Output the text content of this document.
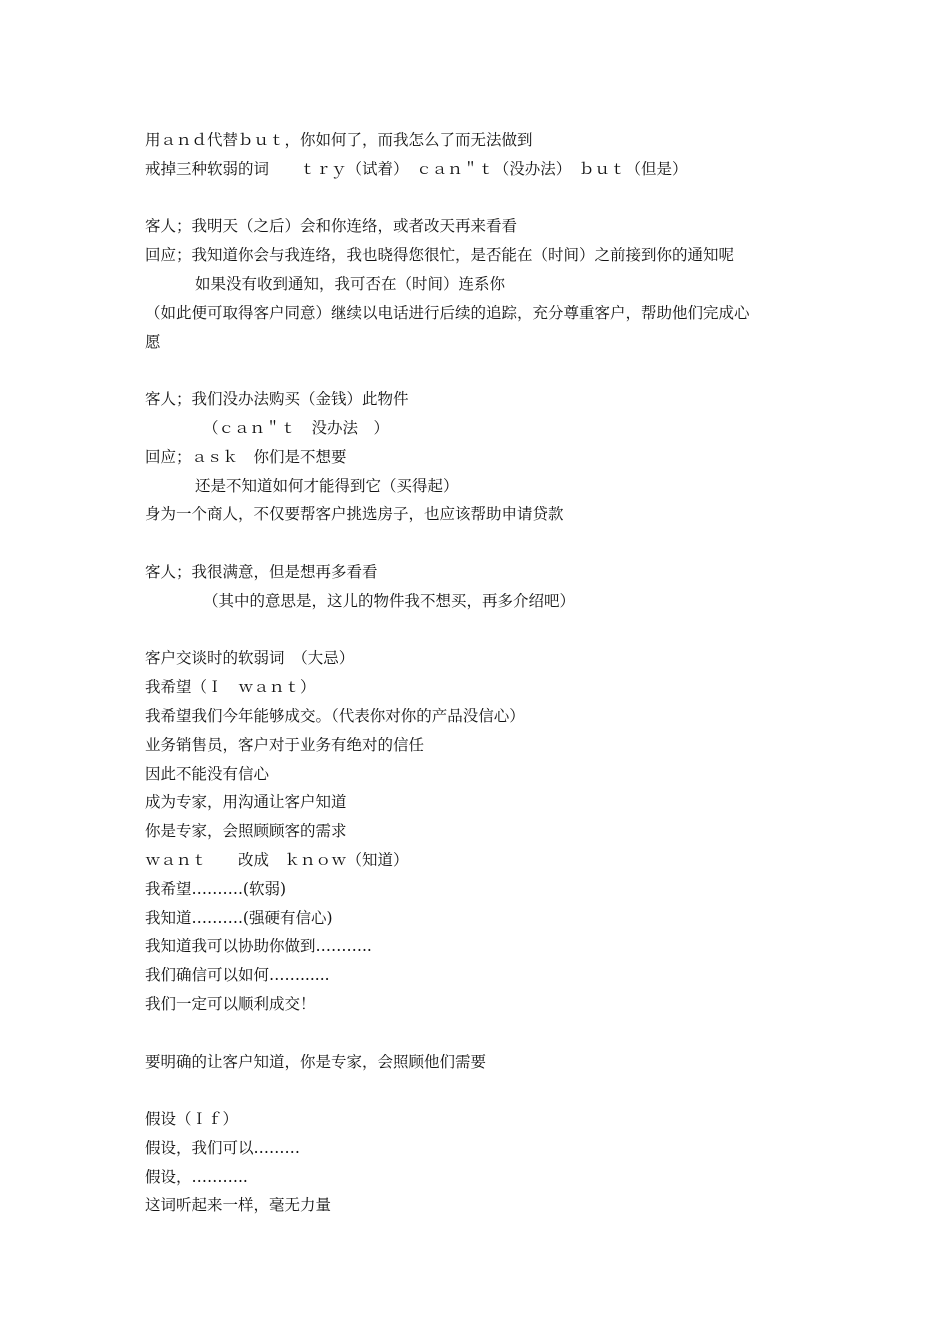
用ａｎｄ代替ｂｕｔ，你如何了，而我怎么了而无法做到
戒掉三种软弱的词　　ｔｒｙ（试着）　ｃａｎ＂ｔ（没办法）　ｂｕｔ（但是）
客人；我明天（之后）会和你连络，或者改天再来看看
回应；我知道你会与我连络，我也晓得您很忙，是否能在（时间）之前接到你的通知呢
如果没有收到通知，我可否在（时间）连系你
（如此便可取得客户同意）继续以电话进行后续的追踪，充分尊重客户，帮助他们完成心
愿
客人；我们没办法购买（金钱）此物件
（ｃａｎ＂ｔ　没办法　）
回应；ａｓｋ　你们是不想要
还是不知道如何才能得到它（买得起）
身为一个商人，不仅要帮客户挑选房子，也应该帮助申请贷款
客人；我很满意，但是想再多看看
（其中的意思是，这儿的物件我不想买，再多介绍吧）
客户交谈时的软弱词　（大忌）
我希望（Ｉ　ｗａｎｔ）
我希望我们今年能够成交。（代表你对你的产品没信心）
业务销售员，客户对于业务有绝对的信任
因此不能没有信心
成为专家，用沟通让客户知道
你是专家，会照顾顾客的需求
ｗａｎｔ　　改成　ｋｎｏｗ（知道）
我希望……….(软弱)
我知道……….(强硬有信心)
我知道我可以协助你做到………..
我们确信可以如何……......
我们一定可以顺利成交！
要明确的让客户知道，你是专家，会照顾他们需要
假设（Ｉｆ）
假设，我们可以………
假设，………..
这词听起来一样，毫无力量
